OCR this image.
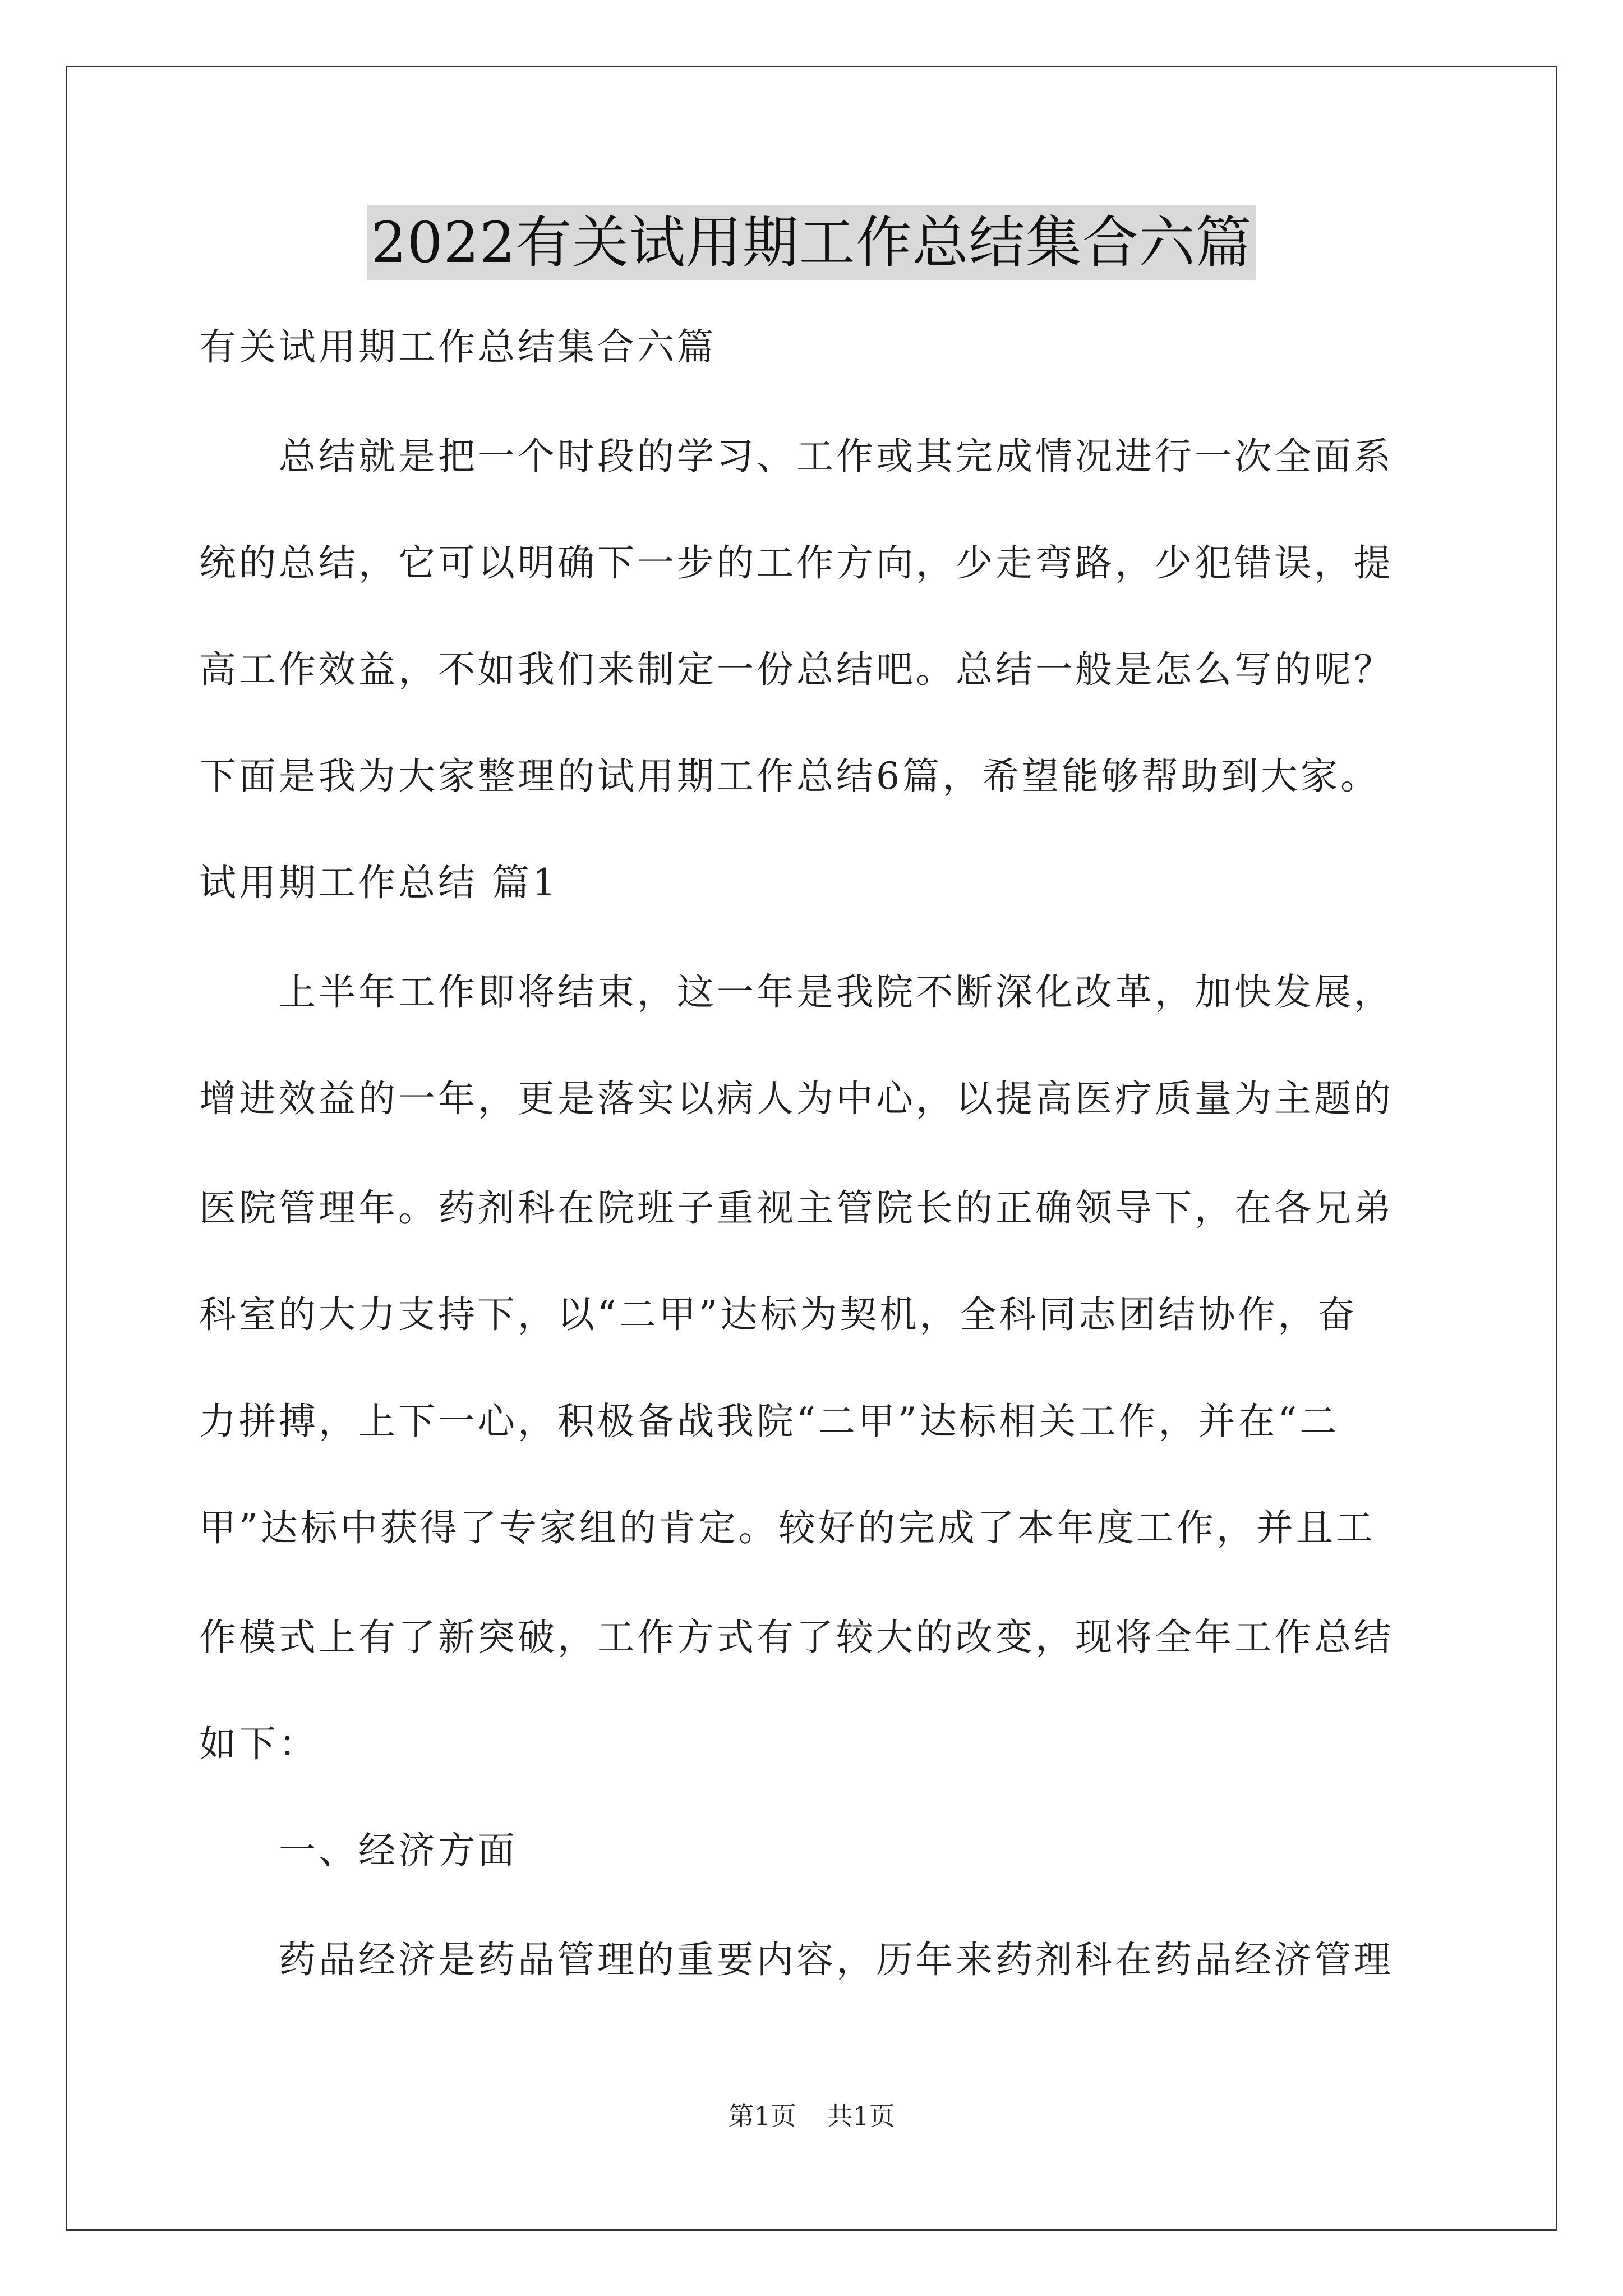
2022有关试用期工作总结集合六篇
有关试用期工作总结集合六篇
　　总结就是把一个时段的学习、工作或其完成情况进行一次全面系
统的总结，它可以明确下一步的工作方向，少走弯路，少犯错误，提
高工作效益，不如我们来制定一份总结吧。总结一般是怎么写的呢？
下面是我为大家整理的试用期工作总结6篇，希望能够帮助到大家。
试用期工作总结 篇1
　　上半年工作即将结束，这一年是我院不断深化改革，加快发展，
增进效益的一年，更是落实以病人为中心，以提高医疗质量为主题的
医院管理年。药剂科在院班子重视主管院长的正确领导下，在各兄弟
科室的大力支持下，以“二甲”达标为契机，全科同志团结协作，奋
力拼搏，上下一心，积极备战我院“二甲”达标相关工作，并在“二
甲”达标中获得了专家组的肯定。较好的完成了本年度工作，并且工
作模式上有了新突破，工作方式有了较大的改变，现将全年工作总结
如下：
　　一、经济方面
　　药品经济是药品管理的重要内容，历年来药剂科在药品经济管理
第1页 共1页
